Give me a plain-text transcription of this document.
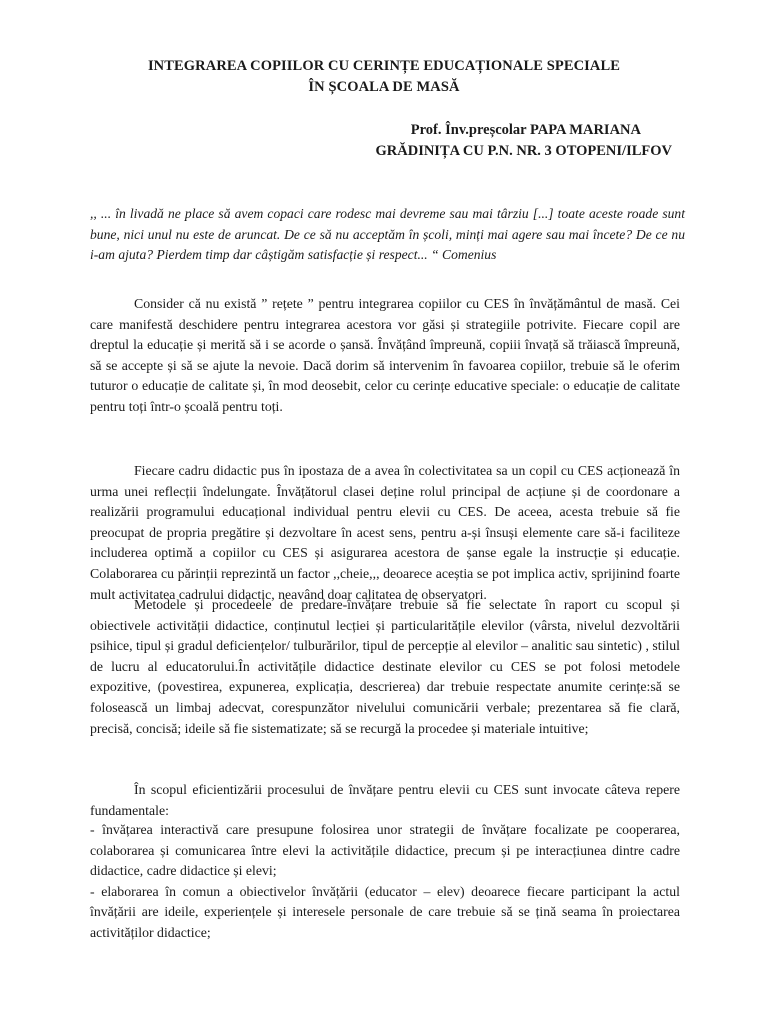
INTEGRAREA COPIILOR CU CERINȚE EDUCAȚIONALE SPECIALE
ÎN ȘCOALA DE MASĂ
Prof. Înv.preșcolar PAPA MARIANA
GRĂDINIȚA CU P.N. NR. 3 OTOPENI/ILFOV
,, ... în livadă ne place să avem copaci care rodesc mai devreme sau mai târziu [...] toate aceste roade sunt bune, nici unul nu este de aruncat. De ce să nu acceptăm în școli, minți mai agere sau mai încete? De ce nu i-am ajuta? Pierdem timp dar câștigăm satisfacție și respect... “ Comenius

Consider că nu există ” rețete ” pentru integrarea copiilor cu CES în învățământul de masă. Cei care manifestă deschidere pentru integrarea acestora vor găsi și strategiile potrivite. Fiecare copil are dreptul la educație și merită să i se acorde o șansă. Învățând împreună, copiii învață să trăiască împreună, să se accepte și să se ajute la nevoie. Dacă dorim să intervenim în favoarea copiilor, trebuie să le oferim tuturor o educație de calitate și, în mod deosebit, celor cu cerințe educative speciale: o educație de calitate pentru toți într-o școală pentru toți.

Fiecare cadru didactic pus în ipostaza de a avea în colectivitatea sa un copil cu CES acționează în urma unei reflecții îndelungate. Învățătorul clasei deține rolul principal de acțiune și de coordonare a realizării programului educațional individual pentru elevii cu CES. De aceea, acesta trebuie să fie preocupat de propria pregătire și dezvoltare în acest sens, pentru a-și însuși elemente care să-i faciliteze includerea optimă a copiilor cu CES și asigurarea acestora de șanse egale la instrucție și educație. Colaborarea cu părinții reprezintă un factor ,,cheie,,, deoarece aceștia se pot implica activ, sprijinind foarte mult activitatea cadrului didactic, neavând doar calitatea de observatori.

Metodele și procedeele de predare-învățare trebuie să fie selectate în raport cu scopul și obiectivele activității didactice, conținutul lecției și particularitățile elevilor (vârsta, nivelul dezvoltării psihice, tipul și gradul deficiențelor/ tulburărilor, tipul de percepție al elevilor – analitic sau sintetic) , stilul de lucru al educatorului.În activitățile didactice destinate elevilor cu CES se pot folosi metodele expozitive, (povestirea, expunerea, explicația, descrierea) dar trebuie respectate anumite cerințe:să se folosească un limbaj adecvat, corespunzător nivelului comunicării verbale; prezentarea să fie clară, precisă, concisă; ideile să fie sistematizate; să se recurgă la procedee și materiale intuitive;

În scopul eficientizării procesului de învățare pentru elevii cu CES sunt invocate câteva repere fundamentale:

- învățarea interactivă care presupune folosirea unor strategii de învățare focalizate pe cooperarea, colaborarea și comunicarea între elevi la activitățile didactice, precum și pe interacțiunea dintre cadre didactice, cadre didactice și elevi;
- elaborarea în comun a obiectivelor învățării (educator – elev) deoarece fiecare participant la actul învățării are ideile, experiențele și interesele personale de care trebuie să se țină seama în proiectarea activităților didactice;
